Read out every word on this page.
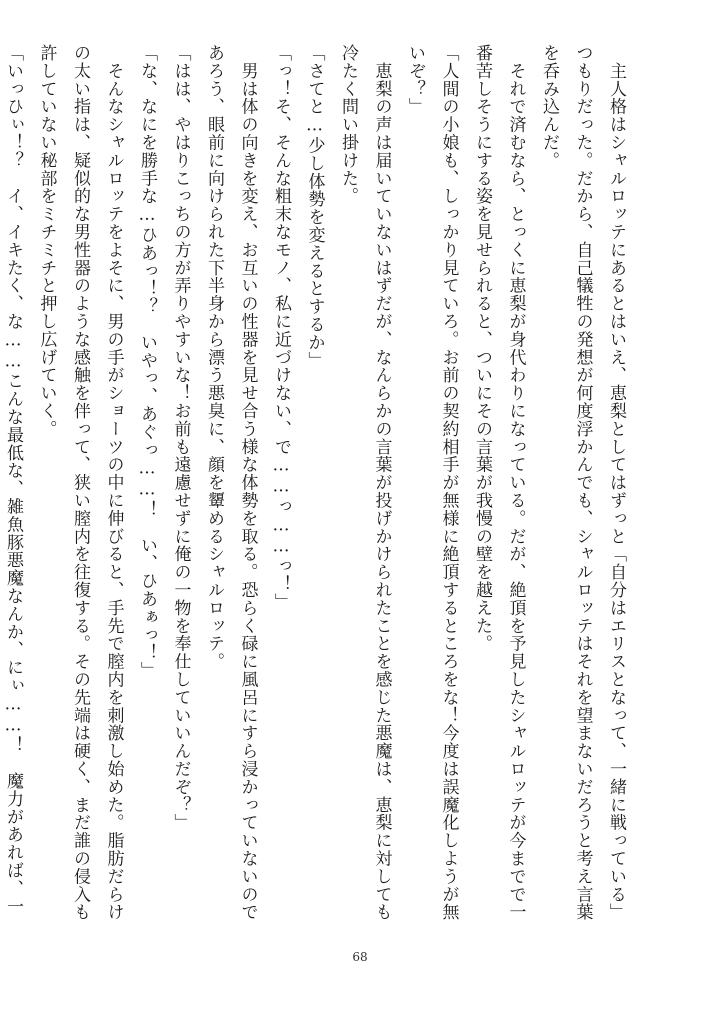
　主人格はシャルロッテにあるとはいえ、恵梨としてはずっと「自分はエリスとなって、一緒に戦っている」つもりだった。だから、自己犠牲の発想が何度浮かんでも、シャルロッテはそれを望まないだろうと考え言葉を呑み込んだ。

　それで済むなら、とっくに恵梨が身代わりになっている。だが、絶頂を予見したシャルロッテが今までで一番苦しそうにする姿を見せられると、ついにその言葉が我慢の壁を越えた。

「人間の小娘も、しっかり見ていろ。お前の契約相手が無様に絶頂するところをな！今度は誤魔化しようが無いぞ？」

　恵梨の声は届いていないはずだが、なんらかの言葉が投げかけられたことを感じた悪魔は、恵梨に対しても冷たく問い掛けた。

「さてと…少し体勢を変えるとするか」

「っ！そ、そんな粗末なモノ、私に近づけない、で……っ……っ！」

　男は体の向きを変え、お互いの性器を見せ合う様な体勢を取る。恐らく碌に風呂にすら浸かっていないのであろう、眼前に向けられた下半身から漂う悪臭に、顔を顰めるシャルロッテ。

「はは、やはりこっちの方が弄りやすいな！お前も遠慮せずに俺の一物を奉仕していいんだぞ？」

「な、なにを勝手な…ひあっ！？　いやっ、あぐっ……！　い、ひあぁっ！」

　そんなシャルロッテをよそに、男の手がショーツの中に伸びると、手先で膣内を刺激し始めた。脂肪だらけの太い指は、疑似的な男性器のような感触を伴って、狭い膣内を往復する。その先端は硬く、まだ誰の侵入も許していない秘部をミチミチと押し広げていく。

「いっひぃ！？　イ、イキたく、な……こんな最低な、雑魚豚悪魔なんか、にぃ……！　魔力があれば、一

68
